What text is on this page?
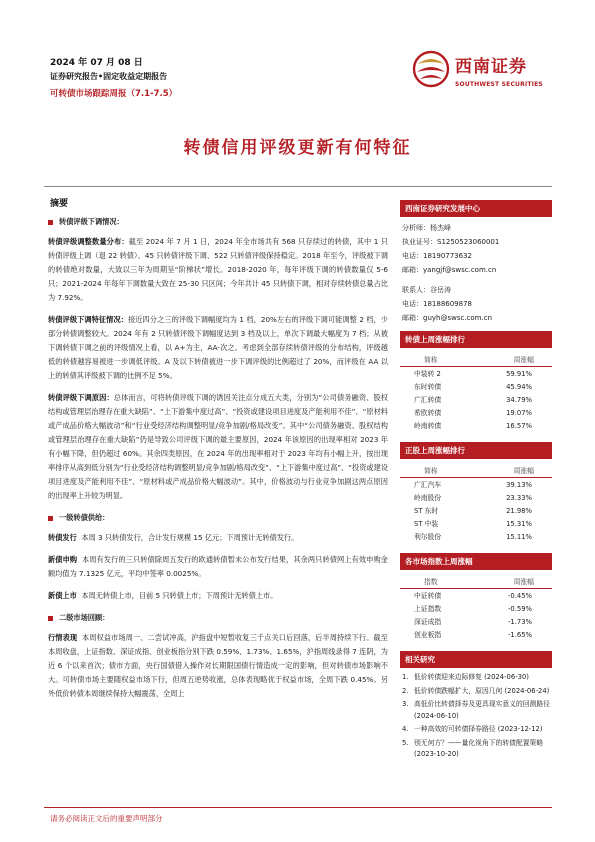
2024 年 07 月 08 日
证券研究报告•固定收益定期报告
可转债市场跟踪周报（7.1-7.5）
西南证券
SOUTHWEST SECURITIES
转债信用评级更新有何特征
摘要
转债评级下调情况：

转债评级调整数量分布：截至 2024 年 7 月 1 日，2024 年全市场共有 568 只存续过的转债，其中 1 只转债评级上调（退 22 转债）、45 只转债评级下调、522 只转债评级保持稳定。2018 年至今，评级被下调的转债绝对数量，大致以三年为周期呈“阶梯状”增长。2018-2020 年，每年评级下调的转债数量仅 5-6 只；2021-2024 年每年下调数量大致在 25-30 只区间；今年共计 45 只转债下调，相对存续转债总量占比为 7.92%。

转债评级下调特征情况：接近四分之三的评级下调幅度均为 1 档，20%左右的评级下调可能调整 2 档，少部分转债调整较大。2024 年有 2 只转债评级下调幅度达到 3 档及以上，单次下调最大幅度为 7 档；从被下调转债下调之前的评级情况上看，以 A+为主，AA-次之。考虑到全部存续转债评级的分布结构，评级越低的转债越容易被进一步调低评级。A 及以下转债被进一步下调评级的比例超过了 20%，而评级在 AA 以上的转债其评级被下调的比例不足 5%。

转债评级下调原因：总体而言，可将转债评级下调的诱因关注点分成五大类，分别为“公司债务融资、股权结构或管理层治理存在重大缺陷”、“上下游集中度过高”、“投资或建设项目进度及产能利用不佳”、“原材料或产成品价格大幅波动”和“行业受经济结构调整明显/竞争加剧/格局改变”。其中“公司债务融资、股权结构或管理层治理存在重大缺陷”仍是导致公司评级下调的最主要原因，2024 年该原因的出现率相对 2023 年有小幅下降，但仍超过 60%。其余四类原因，在 2024 年的出现率相对于 2023 年均有小幅上升，按出现率排序从高到低分别为“行业受经济结构调整明显/竞争加剧/格局改变”、“上下游集中度过高”、“投资或建设项目进度及产能利用不佳”、“原材料或产成品价格大幅波动”。其中，价格波动与行业竞争加剧这两点原因的出现率上升较为明显。

一级转债供给：

转债发行 本周 3 只转债发行，合计发行规模 15 亿元；下周预计无转债发行。

新债申购 本周有发行的三只转债除周五发行的欧通转债暂未公布发行结果，其余两只转债网上有效申购金额均值为 7.1325 亿元，平均中签率 0.0025%。

新债上市 本周无转债上市，目前 5 只转债上市；下周预计无转债上市。

二级市场回顾：

行情表现 本周权益市场周一、二尝试冲高，沪指盘中短暂收复三千点关口后回落，后半周持续下行。截至本周收盘，上证指数、深证成指、创业板指分别下跌 0.59%、1.73%、1.65%，沪指周线录得 7 连阴，为近 6 个以来首次；债市方面，央行国债借入操作对长期限国债行情造成一定的影响，但对转债市场影响不大。可转债市场主要随权益市场下行，但周五逆势收涨，总体表现略优于权益市场，全周下跌 0.45%。另外低价转债本周继续保持大幅震荡，全周上

西南证券研究发展中心
分析师：杨杰峰
执业证号：S1250523060001
电话：18190773632
邮箱：yangjf@swsc.com.cn
联系人：谷岳涛
电话：18188609878
邮箱：guyh@swsc.com.cn
转债上周涨幅排行
简称	周涨幅
中装转 2	59.91%
东时转债	45.94%
广汇转债	34.79%
希欧转债	19.07%
岭南转债	16.57%
正股上周涨幅排行
简称	周涨幅
广汇汽车	39.13%
岭南股份	23.33%
ST 东时	21.98%
ST 中装	15.31%
利尔股份	15.11%
各市场指数上周涨幅
指数	周涨幅
中证转债	-0.45%
上证指数	-0.59%
深证成指	-1.73%
创业板指	-1.65%
相关研究
1. 低价转债迎来边际修复 (2024-06-30)
2. 低价转债跌幅扩大，原因几何 (2024-06-24)
3. 高低价比转债择券及更具现实意义的回测路径 (2024-06-10)
4. 一种高效的可转债择券路径 (2023-12-12)
5. 别无何方？——量化视角下的转债配置策略 (2023-10-20)
请务必阅读正文后的重要声明部分
